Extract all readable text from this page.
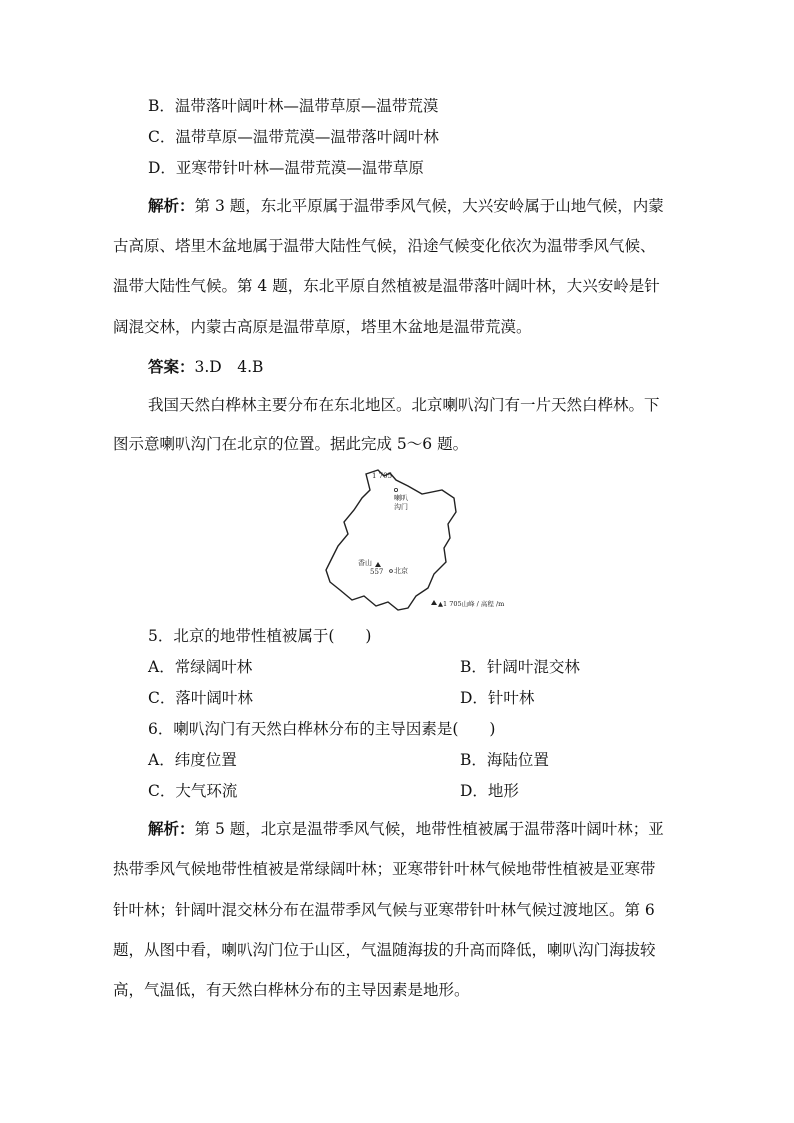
B．温带落叶阔叶林—温带草原—温带荒漠
C．温带草原—温带荒漠—温带落叶阔叶林
D．亚寒带针叶林—温带荒漠—温带草原
解析：第 3 题，东北平原属于温带季风气候，大兴安岭属于山地气候，内蒙
古高原、塔里木盆地属于温带大陆性气候，沿途气候变化依次为温带季风气候、
温带大陆性气候。第 4 题，东北平原自然植被是温带落叶阔叶林，大兴安岭是针
阔混交林，内蒙古高原是温带草原，塔里木盆地是温带荒漠。
答案：3.D　4.B
我国天然白桦林主要分布在东北地区。北京喇叭沟门有一片天然白桦林。下
图示意喇叭沟门在北京的位置。据此完成 5～6 题。
1 705
喇叭
沟门
香山
557 北京
▲1 705山峰 / 高程 /m
5．北京的地带性植被属于(　　)
A．常绿阔叶林	B．针阔叶混交林
C．落叶阔叶林	D．针叶林
6．喇叭沟门有天然白桦林分布的主导因素是(　　)
A．纬度位置	B．海陆位置
C．大气环流	D．地形
解析：第 5 题，北京是温带季风气候，地带性植被属于温带落叶阔叶林；亚
热带季风气候地带性植被是常绿阔叶林；亚寒带针叶林气候地带性植被是亚寒带
针叶林；针阔叶混交林分布在温带季风气候与亚寒带针叶林气候过渡地区。第 6
题，从图中看，喇叭沟门位于山区，气温随海拔的升高而降低，喇叭沟门海拔较
高，气温低，有天然白桦林分布的主导因素是地形。
